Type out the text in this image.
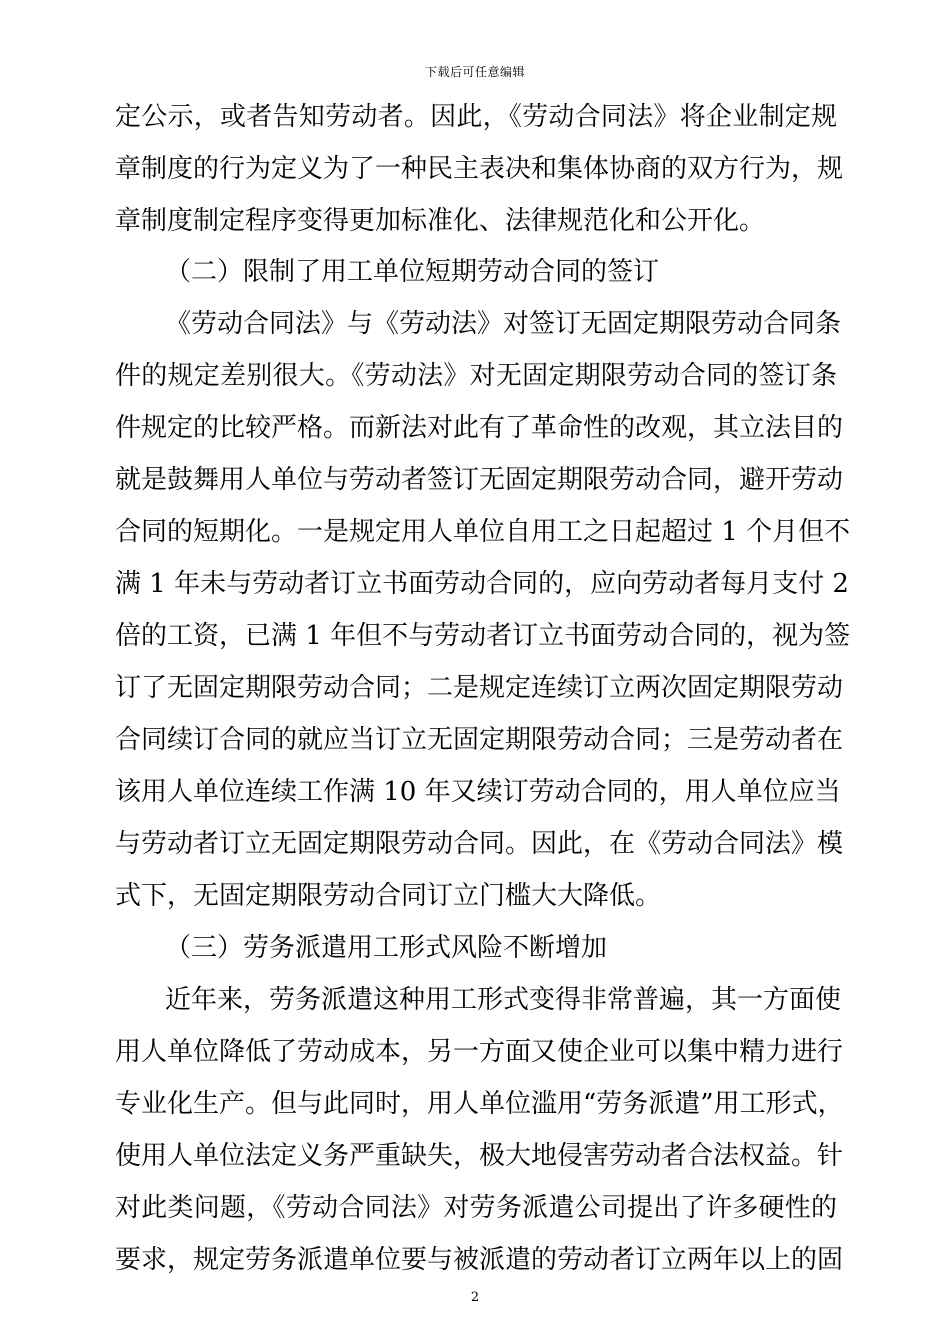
下载后可任意编辑
定公示，或者告知劳动者。因此，《劳动合同法》将企业制定规
章制度的行为定义为了一种民主表决和集体协商的双方行为，规
章制度制定程序变得更加标准化、法律规范化和公开化。
（二）限制了用工单位短期劳动合同的签订
《劳动合同法》与《劳动法》对签订无固定期限劳动合同条
件的规定差别很大。《劳动法》对无固定期限劳动合同的签订条
件规定的比较严格。而新法对此有了革命性的改观，其立法目的
就是鼓舞用人单位与劳动者签订无固定期限劳动合同，避开劳动
合同的短期化。一是规定用人单位自用工之日起超过 1 个月但不
满 1 年未与劳动者订立书面劳动合同的，应向劳动者每月支付 2
倍的工资，已满 1 年但不与劳动者订立书面劳动合同的，视为签
订了无固定期限劳动合同；二是规定连续订立两次固定期限劳动
合同续订合同的就应当订立无固定期限劳动合同；三是劳动者在
该用人单位连续工作满 10 年又续订劳动合同的，用人单位应当
与劳动者订立无固定期限劳动合同。因此，在《劳动合同法》模
式下，无固定期限劳动合同订立门槛大大降低。
（三）劳务派遣用工形式风险不断增加
近年来，劳务派遣这种用工形式变得非常普遍，其一方面使
用人单位降低了劳动成本，另一方面又使企业可以集中精力进行
专业化生产。但与此同时，用人单位滥用“劳务派遣”用工形式，
使用人单位法定义务严重缺失，极大地侵害劳动者合法权益。针
对此类问题，《劳动合同法》对劳务派遣公司提出了许多硬性的
要求，规定劳务派遣单位要与被派遣的劳动者订立两年以上的固
2
